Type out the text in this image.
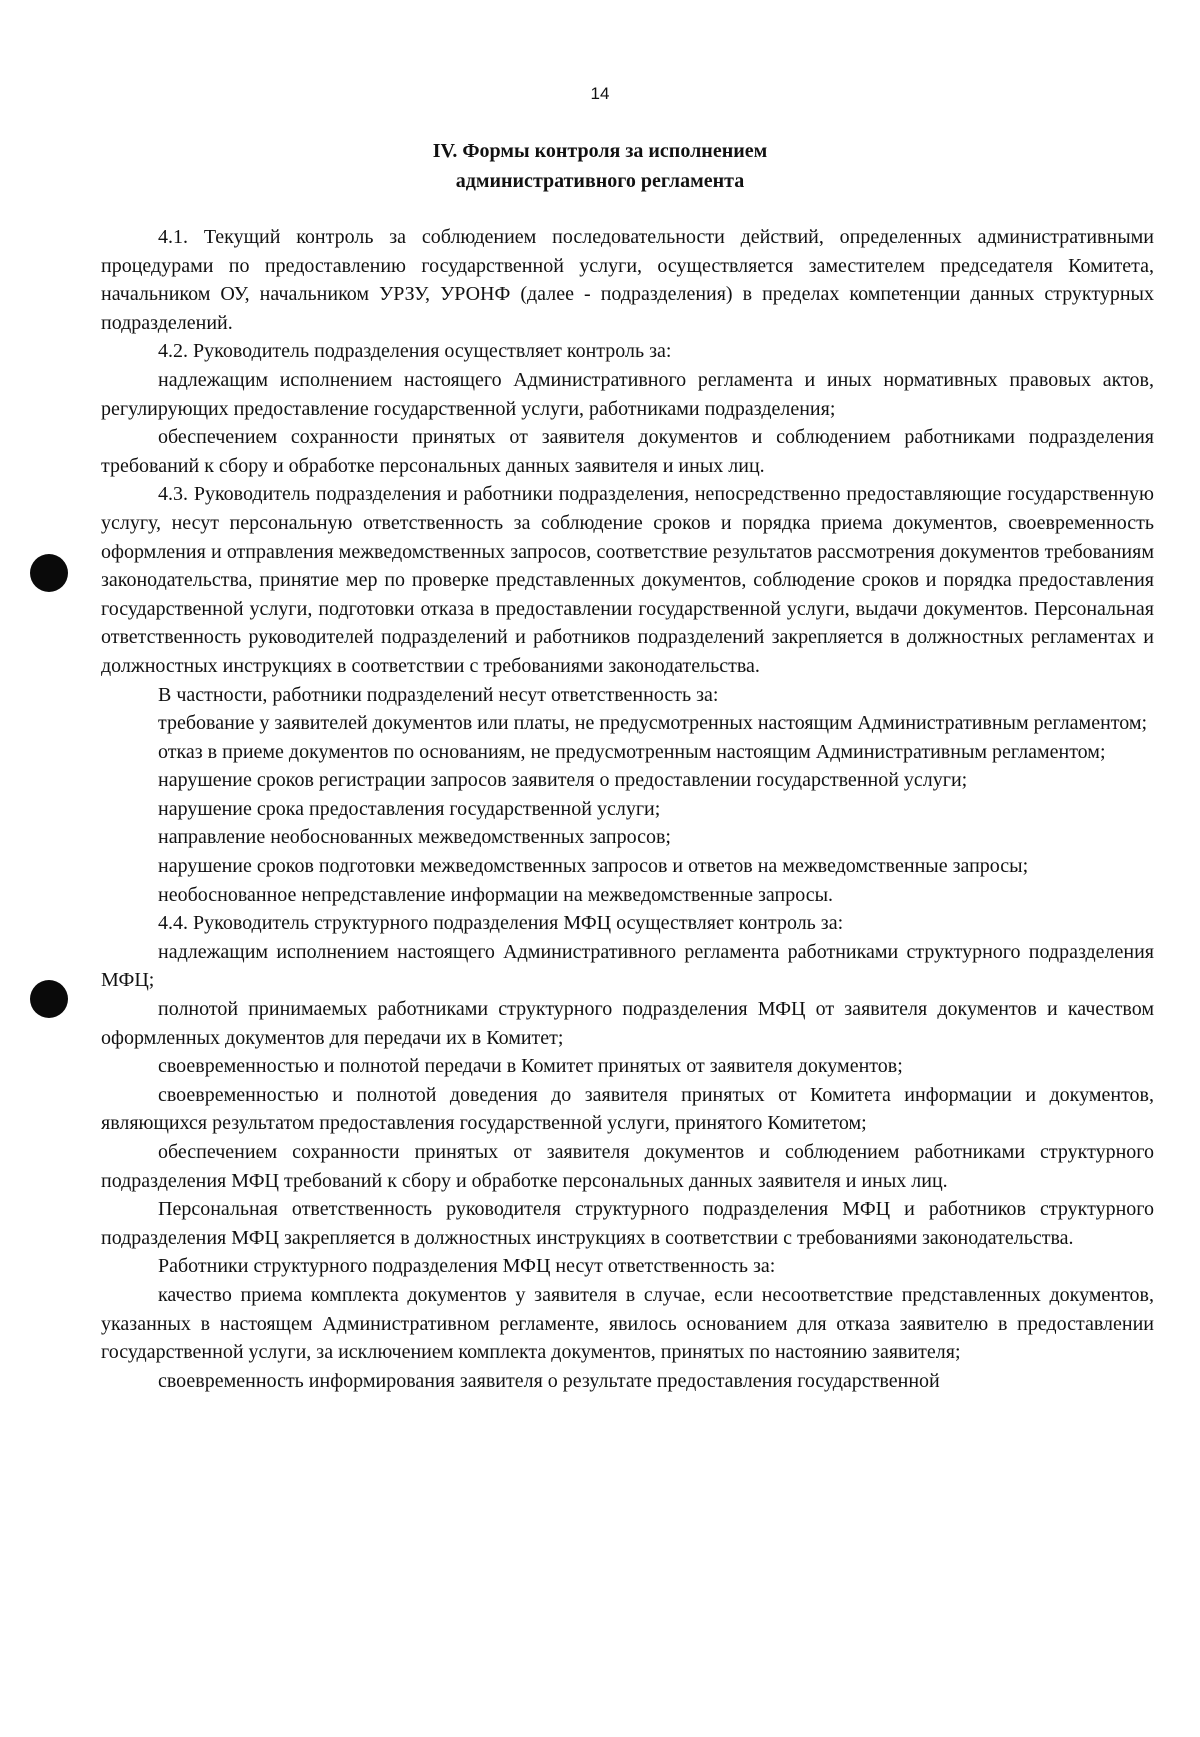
14
IV. Формы контроля за исполнением
административного регламента

4.1. Текущий контроль за соблюдением последовательности действий, определенных административными процедурами по предоставлению государственной услуги, осуществляется заместителем председателя Комитета, начальником ОУ, начальником УРЗУ, УРОНФ (далее - подразделения) в пределах компетенции данных структурных подразделений.

4.2. Руководитель подразделения осуществляет контроль за:

надлежащим исполнением настоящего Административного регламента и иных нормативных правовых актов, регулирующих предоставление государственной услуги, работниками подразделения;

обеспечением сохранности принятых от заявителя документов и соблюдением работниками подразделения требований к сбору и обработке персональных данных заявителя и иных лиц.

4.3. Руководитель подразделения и работники подразделения, непосредственно предоставляющие государственную услугу, несут персональную ответственность за соблюдение сроков и порядка приема документов, своевременность оформления и отправления межведомственных запросов, соответствие результатов рассмотрения документов требованиям законодательства, принятие мер по проверке представленных документов, соблюдение сроков и порядка предоставления государственной услуги, подготовки отказа в предоставлении государственной услуги, выдачи документов. Персональная ответственность руководителей подразделений и работников подразделений закрепляется в должностных регламентах и должностных инструкциях в соответствии с требованиями законодательства.

В частности, работники подразделений несут ответственность за:

требование у заявителей документов или платы, не предусмотренных настоящим Административным регламентом;

отказ в приеме документов по основаниям, не предусмотренным настоящим Административным регламентом;

нарушение сроков регистрации запросов заявителя о предоставлении государственной услуги;

нарушение срока предоставления государственной услуги;

направление необоснованных межведомственных запросов;

нарушение сроков подготовки межведомственных запросов и ответов на межведомственные запросы;

необоснованное непредставление информации на межведомственные запросы.

4.4. Руководитель структурного подразделения МФЦ осуществляет контроль за:

надлежащим исполнением настоящего Административного регламента работниками структурного подразделения МФЦ;

полнотой принимаемых работниками структурного подразделения МФЦ от заявителя документов и качеством оформленных документов для передачи их в Комитет;

своевременностью и полнотой передачи в Комитет принятых от заявителя документов;

своевременностью и полнотой доведения до заявителя принятых от Комитета информации и документов, являющихся результатом предоставления государственной услуги, принятого Комитетом;

обеспечением сохранности принятых от заявителя документов и соблюдением работниками структурного подразделения МФЦ требований к сбору и обработке персональных данных заявителя и иных лиц.

Персональная ответственность руководителя структурного подразделения МФЦ и работников структурного подразделения МФЦ закрепляется в должностных инструкциях в соответствии с требованиями законодательства.

Работники структурного подразделения МФЦ несут ответственность за:

качество приема комплекта документов у заявителя в случае, если несоответствие представленных документов, указанных в настоящем Административном регламенте, явилось основанием для отказа заявителю в предоставлении государственной услуги, за исключением комплекта документов, принятых по настоянию заявителя;

своевременность информирования заявителя о результате предоставления государственной
